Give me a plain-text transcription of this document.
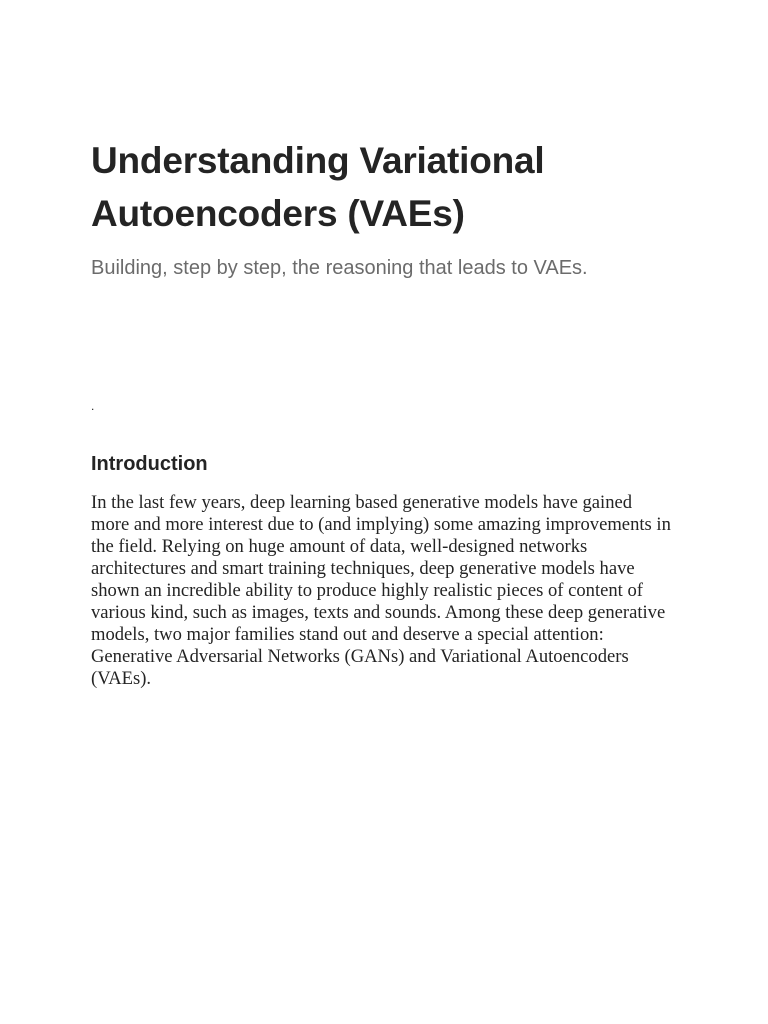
Understanding Variational Autoencoders (VAEs)

Building, step by step, the reasoning that leads to VAEs.

.
Introduction

In the last few years, deep learning based generative models have gained more and more interest due to (and implying) some amazing improvements in the field. Relying on huge amount of data, well-designed networks architectures and smart training techniques, deep generative models have shown an incredible ability to produce highly realistic pieces of content of various kind, such as images, texts and sounds. Among these deep generative models, two major families stand out and deserve a special attention: Generative Adversarial Networks (GANs) and Variational Autoencoders (VAEs).
